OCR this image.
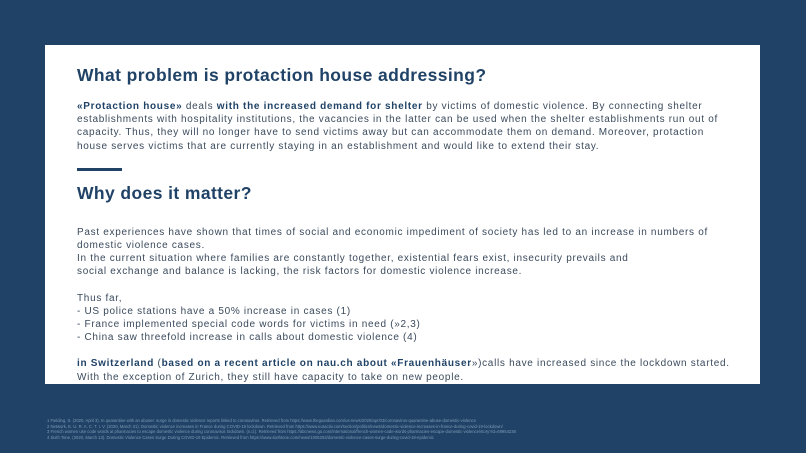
What problem is protaction house addressing?

«Protaction house» deals with the increased demand for shelter by victims of domestic violence. By connecting shelter establishments with hospitality institutions, the vacancies in the latter can be used when the shelter establishments run out of capacity. Thus, they will no longer have to send victims away but can accommodate them on demand. Moreover, protaction house serves victims that are currently staying in an establishment and would like to extend their stay.

Why does it matter?

Past experiences have shown that times of social and economic impediment of society has led to an increase in numbers of domestic violence cases.

In the current situation where families are constantly together, existential fears exist, insecurity prevails and

social exchange and balance is lacking, the risk factors for domestic violence increase.

Thus far,

- US police stations have a 50% increase in cases (1)

- France implemented special code words for victims in need (»2,3)

- China saw threefold increase in calls about domestic violence (4)

in Switzerland (based on a recent article on nau.ch about «Frauenhäuser»)calls have increased since the lockdown started. With the exception of Zurich, they still have capacity to take on new people.

1 Fielding, S. (2020, April 3). In quarantine with an abuser: surge in domestic violence reports linked to coronavirus. Retrieved from https://www.theguardian.com/us-news/2020/apr/03/coronavirus-quarantine-abuse-domestic-violence
2 Network, E. U. R. A. C. T. I. V. (2020, March 31). Domestic violence increases in France during COVID-19 lockdown. Retrieved from https://www.euractiv.com/section/politics/news/domestic-violence-increases-in-france-during-covid-19-lockdown/
3 French women use code words at pharmacies to escape domestic violence during coronavirus lockdown. (n.d.). Retrieved from https://abcnews.go.com/International/french-women-code-words-pharmacies-escape-domestic-violence/story?id=69954238
4 Sixth Tone. (2020, March 13). Domestic Violence Cases Surge During COVID-19 Epidemic. Retrieved from https://www.sixthtone.com/news/1005253/domestic-violence-cases-surge-during-covid-19-epidemic
